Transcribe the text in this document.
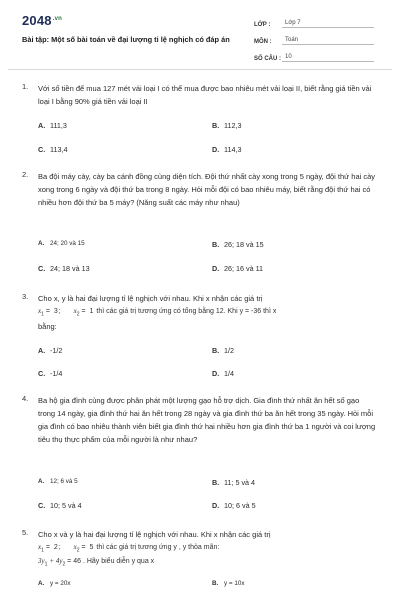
$2048^{.vn}$
Bài tập: Một số bài toán về đại lượng tỉ lệ nghịch có đáp án
LỚP :	Lớp 7
MÔN :	Toán
SỐ CÂU : 10
1. Với số tiền để mua 127 mét vải loại I có thể mua được bao nhiêu mét vải loại II, biết rằng giá tiền vải loại I bằng 90% giá tiền vải loại II
A. 111,3	B. 112,3
C. 113,4	D. 114,3
2. Ba đội máy cày, cày ba cánh đồng cùng diện tích. Đội thứ nhất cày xong trong 5 ngày, đội thứ hai cày xong trong 6 ngày và đội thứ ba trong 8 ngày. Hỏi mỗi đội có bao nhiêu máy, biết rằng đội thứ hai có nhiều hơn đội thứ ba 5 máy? (Năng suất các máy như nhau)
A. 24; 20 và 15	B. 26; 18 và 15
C. 24; 18 và 13	D. 26; 16 và 11
3. Cho x, y là hai đại lượng tỉ lệ nghịch với nhau. Khi x nhận các giá trị
$x_1 = 3$; $x_2 = 1$ thì các giá trị tương ứng có tổng bằng 12. Khi y = -36 thì x
bằng:
A. -1/2	B. 1/2
C. -1/4	D. 1/4
4. Ba hộ gia đình cùng được phân phát một lượng gạo hỗ trợ dịch. Gia đình thứ nhất ăn hết số gạo trong 14 ngày, gia đình thứ hai ăn hết trong 28 ngày và gia đình thứ ba ăn hết trong 35 ngày. Hỏi mỗi gia đình có bao nhiêu thành viên biết gia đình thứ hai nhiều hơn gia đình thứ ba 1 người và coi lượng tiêu thụ thực phẩm của mỗi người là như nhau?
A. 12; 6 và 5	B. 11; 5 và 4
C. 10; 5 và 4	D. 10; 6 và 5
5. Cho x và y là hai đại lượng tỉ lệ nghịch với nhau. Khi x nhận các giá trị
$x_1 = 2$; $x_2 = 5$ thì các giá trị tương ứng y , y thỏa mãn:
$3y_1 + 4y_2 = 46$ . Hãy biểu diễn y qua x
A. y = 20x	B. y = 10x
